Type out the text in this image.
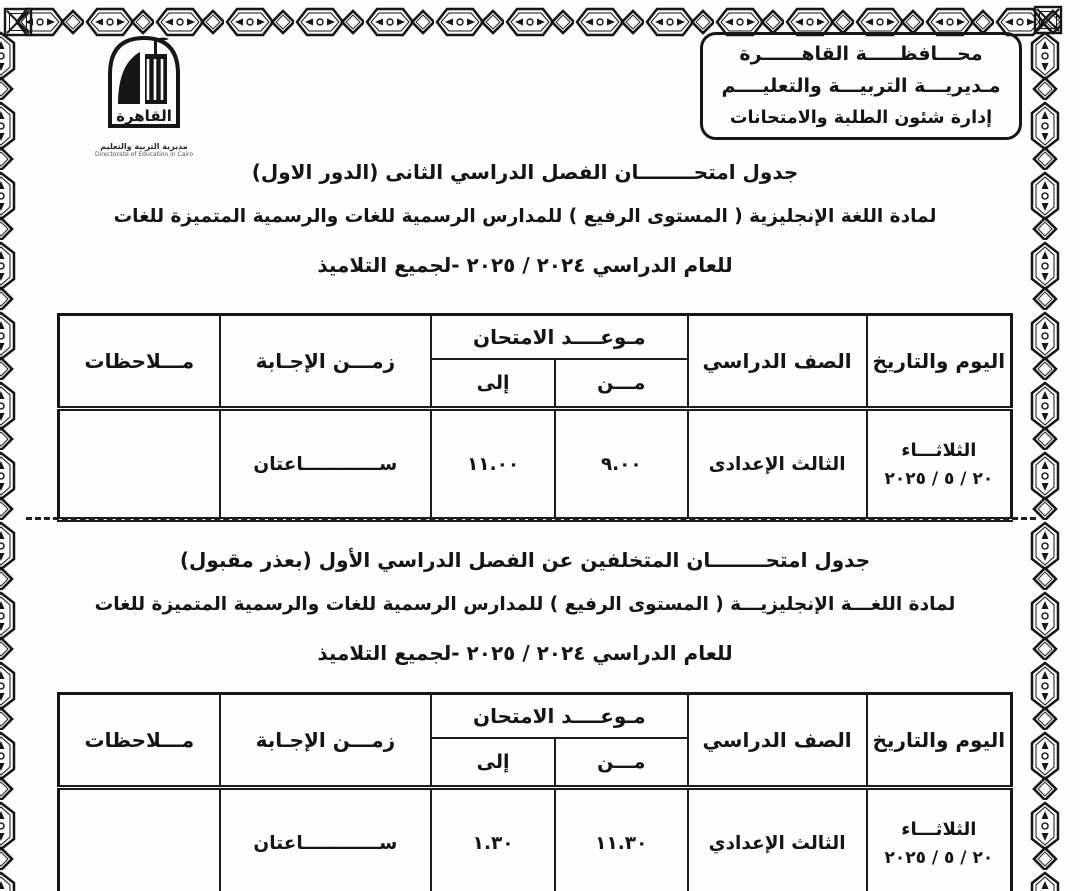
القاهرة
مديرية التربية والتعليم
Directorate of Education in Cairo
محـــافظـــــة القاهــــــرة
مـديريـــة التربيـــة والتعليــــم
إدارة شئون الطلبة والامتحانات
جدول امتحــــــــان الفصل الدراسي الثانى (الدور الاول)
لمادة اللغة الإنجليزية ( المستوى الرفيع ) للمدارس الرسمية للغات والرسمية المتميزة للغات
للعام الدراسي ٢٠٢٤ / ٢٠٢٥ -لجميع التلاميذ
اليوم والتاريخ	الصف الدراسي	مـوعــــد الامتحان		زمـــن الإجـابة	مـــلاحظات
		مـــن	إلى		

الثلاثـــاء
٢٠ / ٥ / ٢٠٢٥	الثالث الإعدادى	٩.٠٠	١١.٠٠	ســــــــــــاعتان	
جدول امتحــــــــان المتخلفين عن الفصل الدراسي الأول (بعذر مقبول)
لمادة اللغـــة الإنجليزيـــة ( المستوى الرفيع ) للمدارس الرسمية للغات والرسمية المتميزة للغات
للعام الدراسي ٢٠٢٤ / ٢٠٢٥ -لجميع التلاميذ
اليوم والتاريخ	الصف الدراسي	مـوعــــد الامتحان		زمـــن الإجـابة	مـــلاحظات
		مـــن	إلى		

الثلاثـــاء
٢٠ / ٥ / ٢٠٢٥	الثالث الإعدادي	١١.٣٠	١.٣٠	ســــــــــــاعتان	
